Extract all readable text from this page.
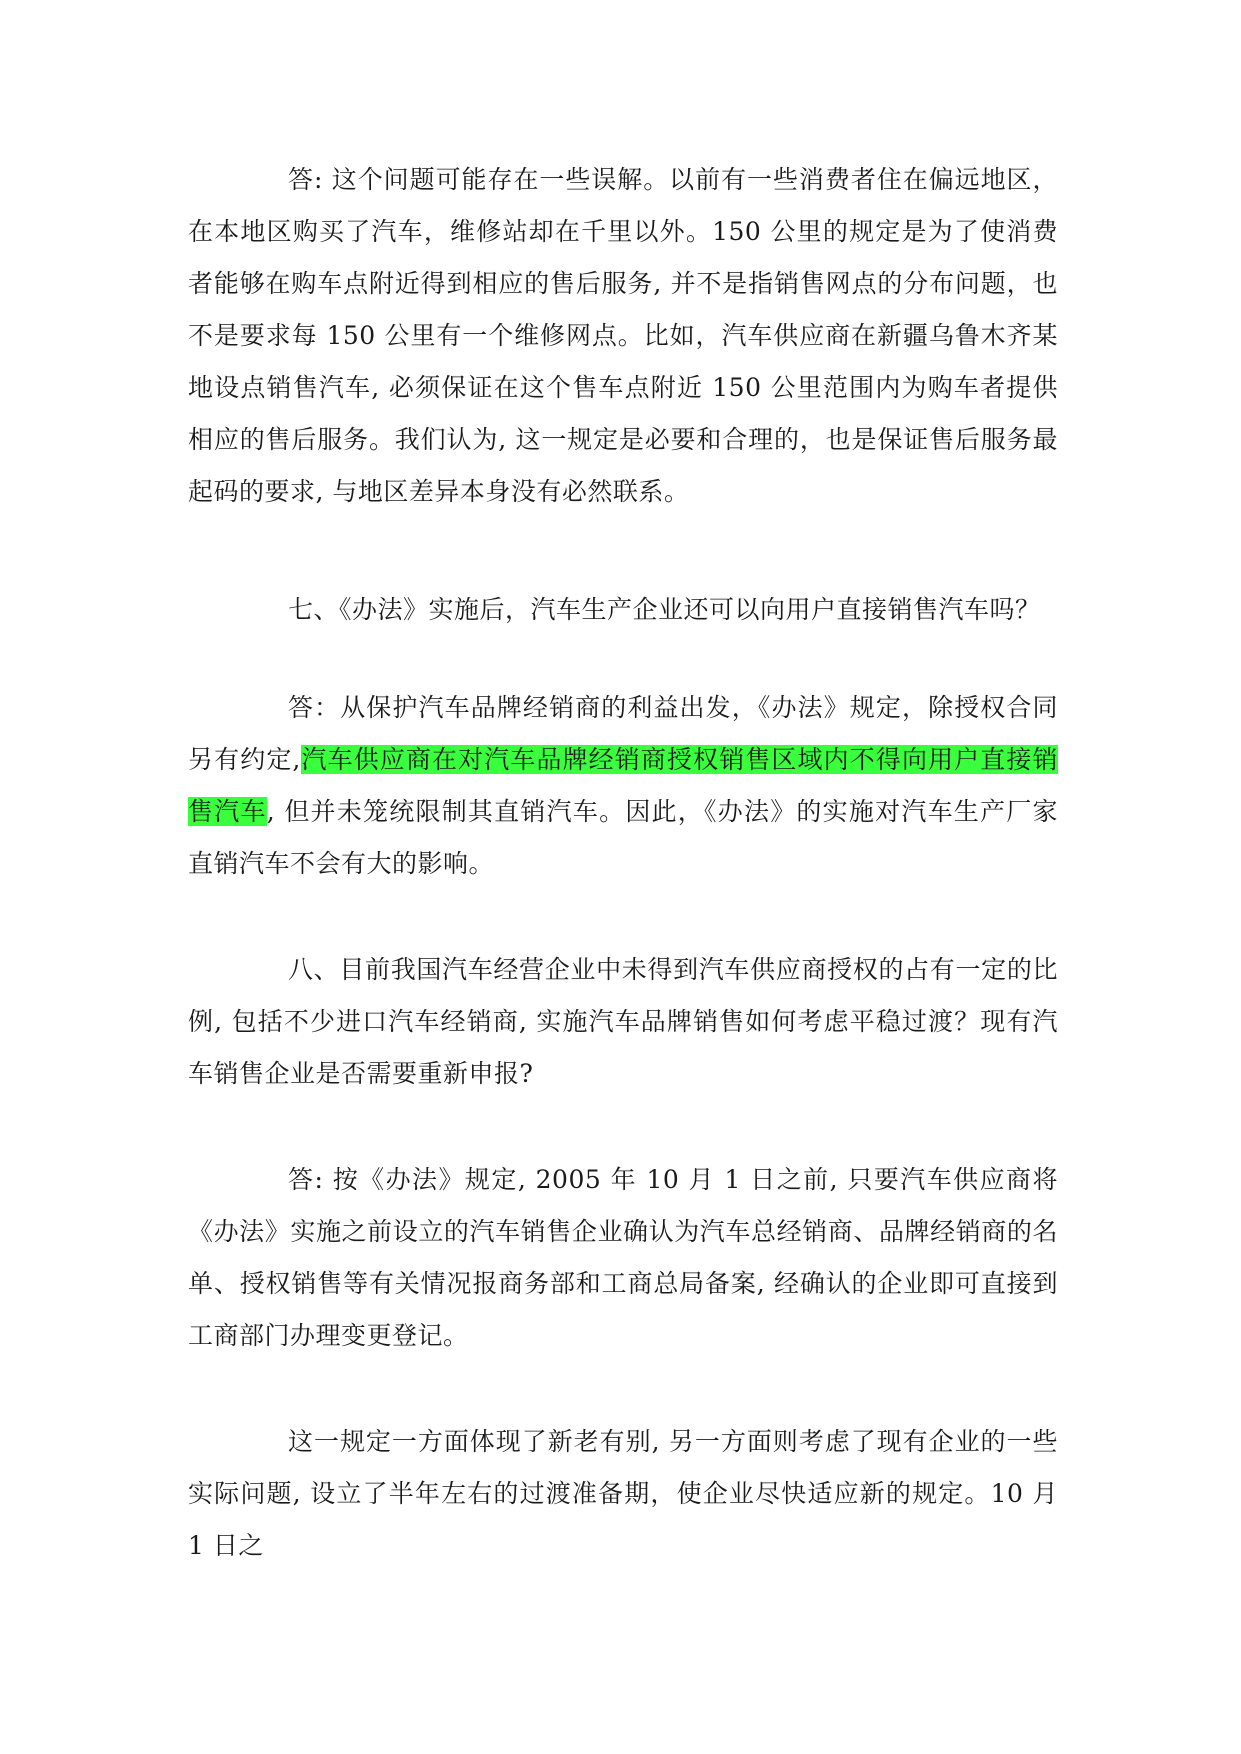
答: 这个问题可能存在一些误解。以前有一些消费者住在偏远地区，在本地区购买了汽车，维修站却在千里以外。150 公里的规定是为了使消费者能够在购车点附近得到相应的售后服务, 并不是指销售网点的分布问题，也不是要求每 150 公里有一个维修网点。比如，汽车供应商在新疆乌鲁木齐某地设点销售汽车, 必须保证在这个售车点附近 150 公里范围内为购车者提供相应的售后服务。我们认为, 这一规定是必要和合理的，也是保证售后服务最起码的要求, 与地区差异本身没有必然联系。

七、《办法》实施后，汽车生产企业还可以向用户直接销售汽车吗？

答：从保护汽车品牌经销商的利益出发，《办法》规定，除授权合同另有约定,汽车供应商在对汽车品牌经销商授权销售区域内不得向用户直接销售汽车, 但并未笼统限制其直销汽车。因此，《办法》的实施对汽车生产厂家直销汽车不会有大的影响。

八、目前我国汽车经营企业中未得到汽车供应商授权的占有一定的比例, 包括不少进口汽车经销商, 实施汽车品牌销售如何考虑平稳过渡？现有汽车销售企业是否需要重新申报?

答: 按《办法》规定, 2005 年 10 月 1 日之前, 只要汽车供应商将《办法》实施之前设立的汽车销售企业确认为汽车总经销商、品牌经销商的名单、授权销售等有关情况报商务部和工商总局备案, 经确认的企业即可直接到工商部门办理变更登记。

这一规定一方面体现了新老有别, 另一方面则考虑了现有企业的一些实际问题, 设立了半年左右的过渡准备期，使企业尽快适应新的规定。10 月 1 日之
